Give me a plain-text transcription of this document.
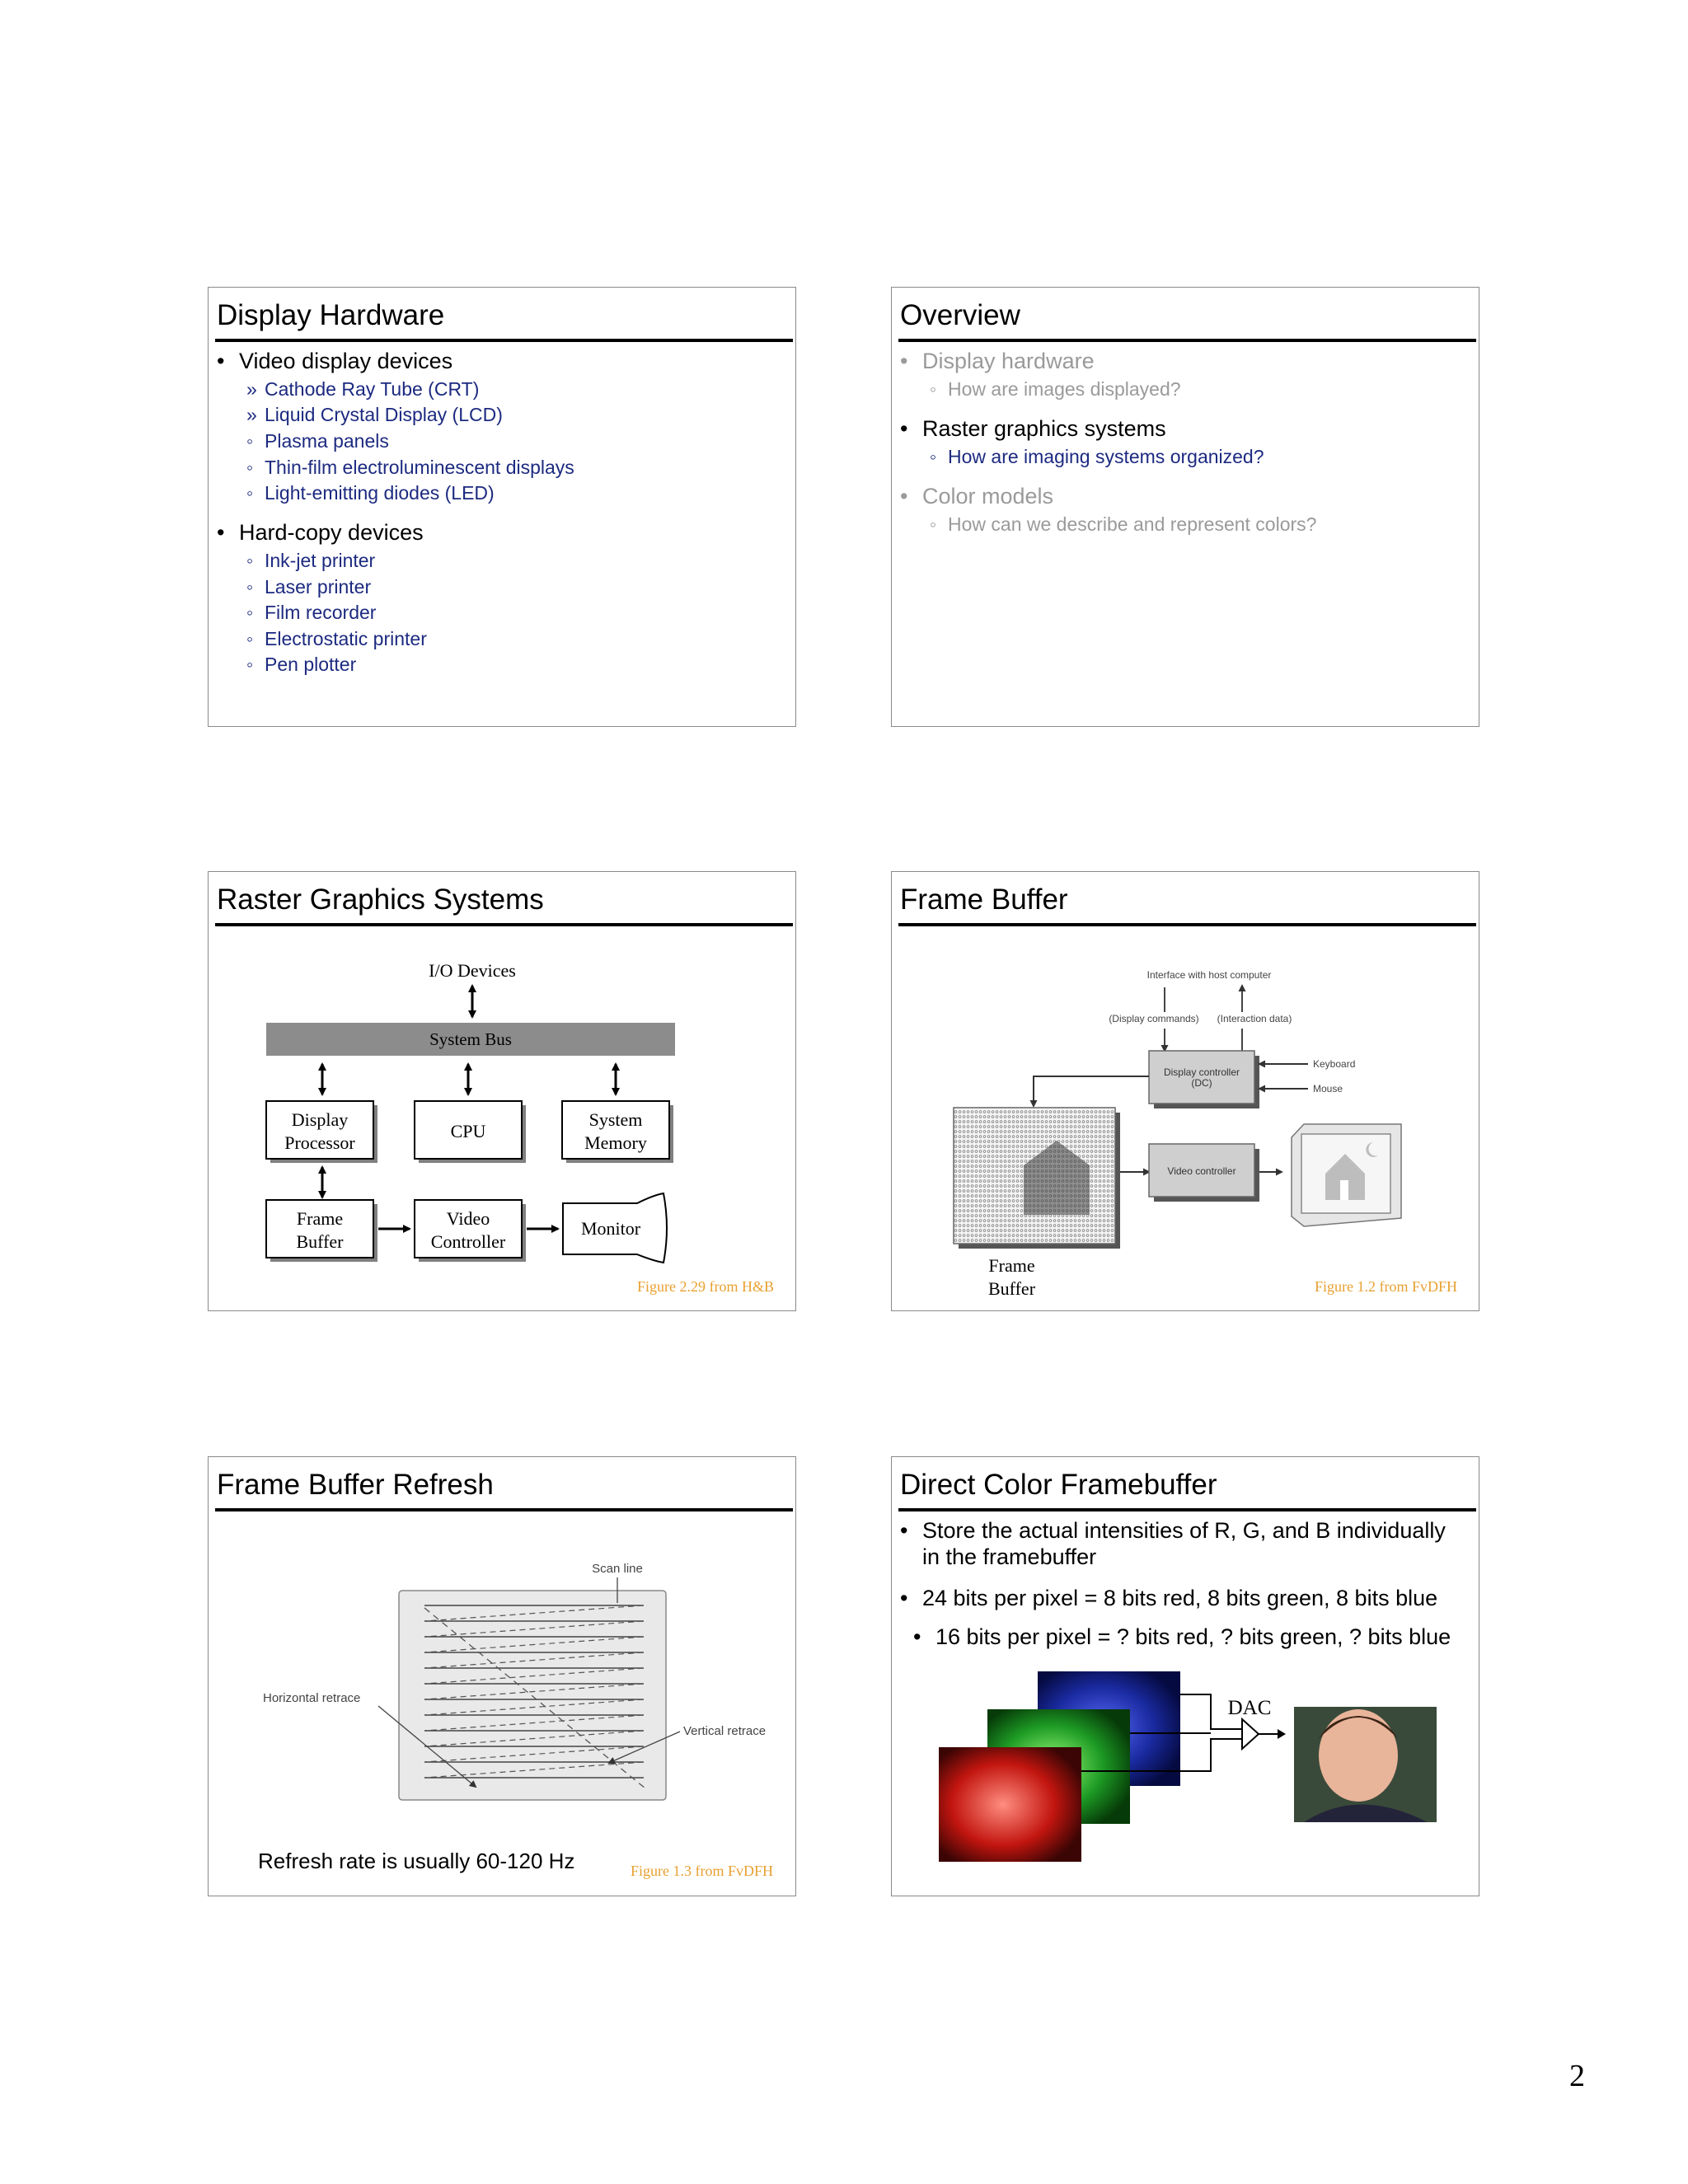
Display Hardware
• Video display devices
» Cathode Ray Tube (CRT)
» Liquid Crystal Display (LCD)
◦ Plasma panels
◦ Thin-film electroluminescent displays
◦ Light-emitting diodes (LED)
• Hard-copy devices
◦ Ink-jet printer
◦ Laser printer
◦ Film recorder
◦ Electrostatic printer
◦ Pen plotter
Overview
• Display hardware
◦ How are images displayed?
• Raster graphics systems
◦ How are imaging systems organized?
• Color models
◦ How can we describe and represent colors?
Raster Graphics Systems
I/O Devices
System Bus
Display
Processor
CPU
System
Memory
Frame
Buffer
Video
Controller
Monitor
Figure 2.29 from H&B
Frame Buffer
Interface with host computer
(Display commands) (Interaction data)
Display controller
(DC)
Keyboard
Mouse
Video controller
Frame
Buffer	Figure 1.2 from FvDFH
Frame Buffer Refresh
Scan line
Horizontal retrace
Vertical retrace
Refresh rate is usually 60-120 Hz	Figure 1.3 from FvDFH
Direct Color Framebuffer
• Store the actual intensities of R, G, and B individually
in the framebuffer
• 24 bits per pixel = 8 bits red, 8 bits green, 8 bits blue
• 16 bits per pixel = ? bits red, ? bits green, ? bits blue
DAC
2
